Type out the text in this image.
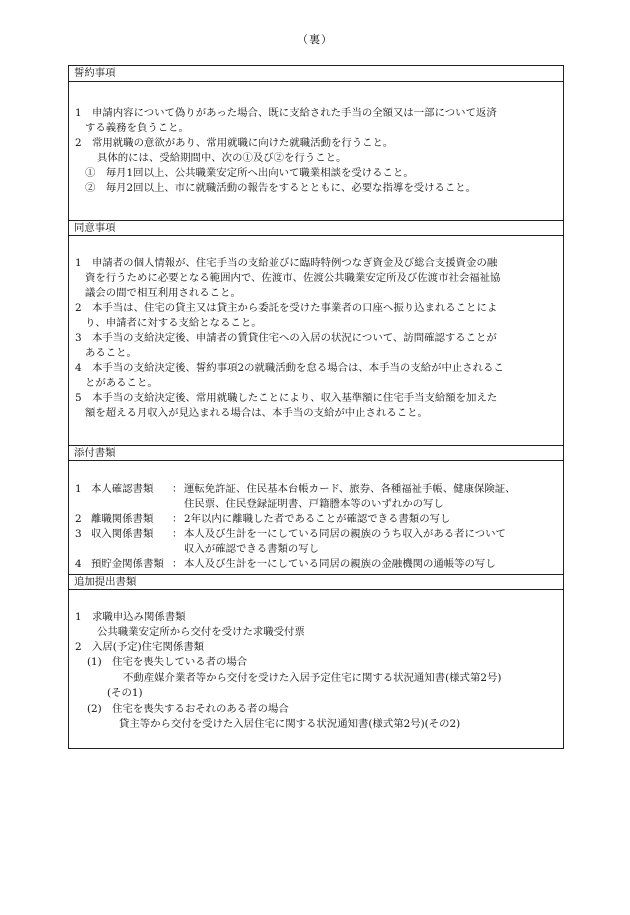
（裏）
誓約事項
1　申請内容について偽りがあった場合、既に支給された手当の全額又は一部について返済
する義務を負うこと。
2　常用就職の意欲があり、常用就職に向けた就職活動を行うこと。
具体的には、受給期間中、次の①及び②を行うこと。
①　毎月1回以上、公共職業安定所へ出向いて職業相談を受けること。
②　毎月2回以上、市に就職活動の報告をするとともに、必要な指導を受けること。
同意事項
1　申請者の個人情報が、住宅手当の支給並びに臨時特例つなぎ資金及び総合支援資金の融
資を行うために必要となる範囲内で、佐渡市、佐渡公共職業安定所及び佐渡市社会福祉協
議会の間で相互利用されること。
2　本手当は、住宅の貸主又は貸主から委託を受けた事業者の口座へ振り込まれることによ
り、申請者に対する支給となること。
3　本手当の支給決定後、申請者の賃貸住宅への入居の状況について、訪問確認することが
あること。
4　本手当の支給決定後、誓約事項2の就職活動を怠る場合は、本手当の支給が中止されるこ
とがあること。
5　本手当の支給決定後、常用就職したことにより、収入基準額に住宅手当支給額を加えた
額を超える月収入が見込まれる場合は、本手当の支給が中止されること。
添付書類
1 本人確認書類 ： 運転免許証、住民基本台帳カード、旅券、各種福祉手帳、健康保険証、
住民票、住民登録証明書、戸籍謄本等のいずれかの写し
2 離職関係書類 ： 2年以内に離職した者であることが確認できる書類の写し
3 収入関係書類 ： 本人及び生計を一にしている同居の親族のうち収入がある者について
収入が確認できる書類の写し
4 預貯金関係書類 ： 本人及び生計を一にしている同居の親族の金融機関の通帳等の写し
追加提出書類
1　求職申込み関係書類
公共職業安定所から交付を受けた求職受付票
2　入居(予定)住宅関係書類
(1)　住宅を喪失している者の場合
不動産媒介業者等から交付を受けた入居予定住宅に関する状況通知書(様式第2号)
(その1)
(2)　住宅を喪失するおそれのある者の場合
貸主等から交付を受けた入居住宅に関する状況通知書(様式第2号)(その2)
